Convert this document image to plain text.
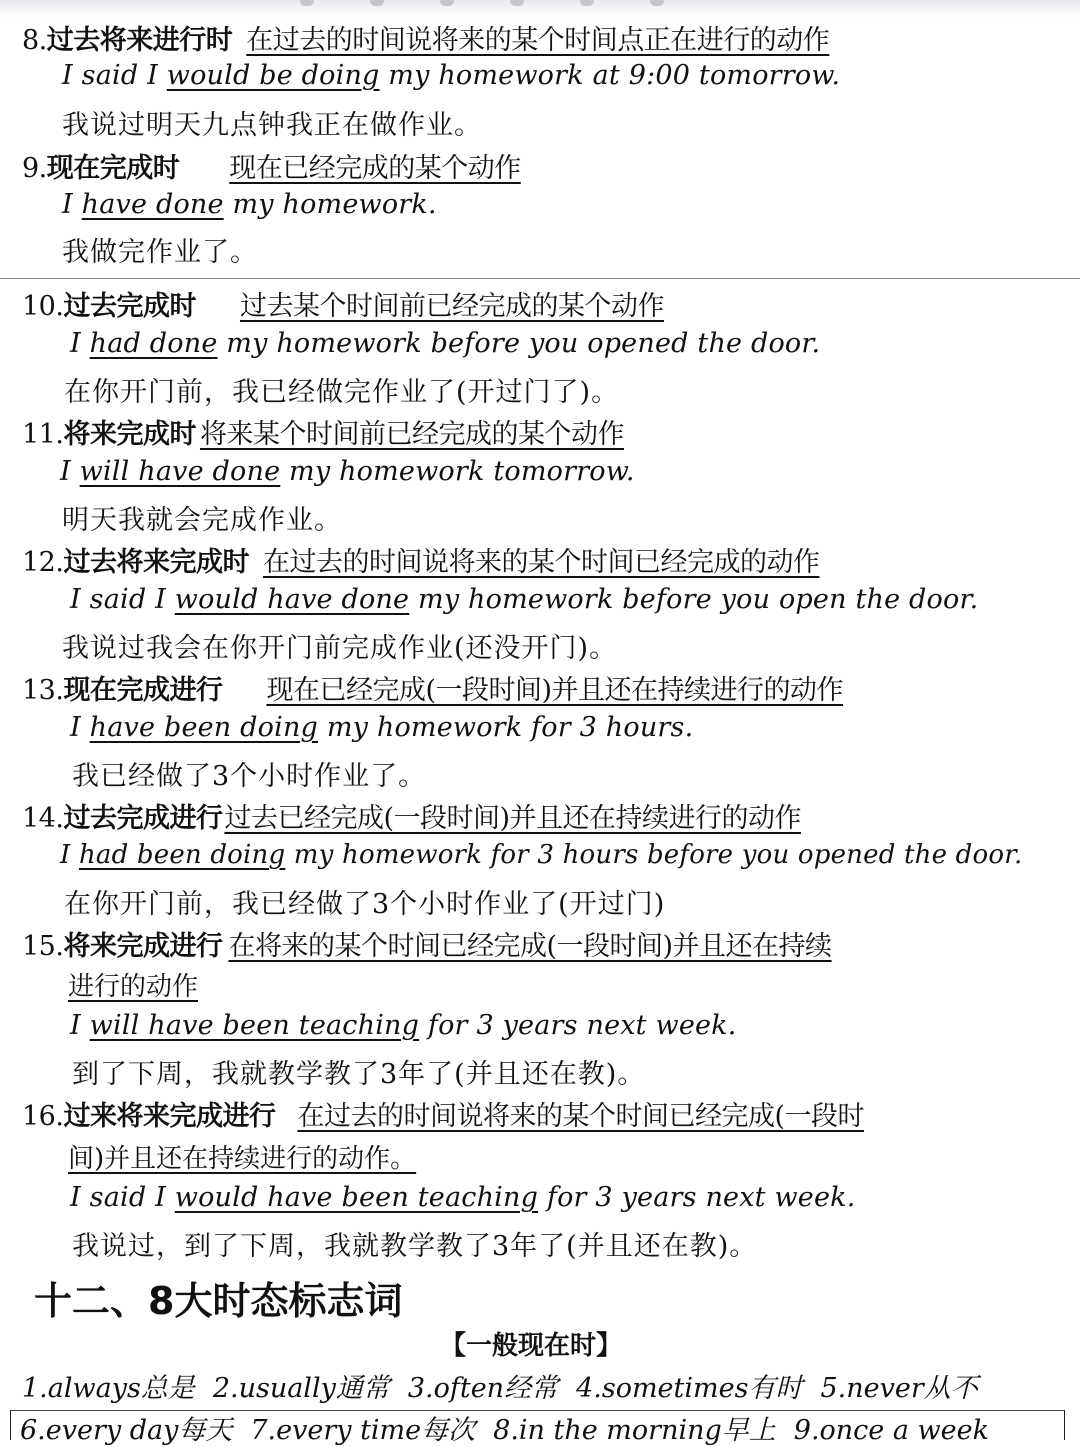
8.过去将来进行时 在过去的时间说将来的某个时间点正在进行的动作
I said I would be doing my homework at 9:00 tomorrow.
我说过明天九点钟我正在做作业。
9.现在完成时 现在已经完成的某个动作
I have done my homework.
我做完作业了。
10.过去完成时 过去某个时间前已经完成的某个动作
I had done my homework before you opened the door.
在你开门前，我已经做完作业了(开过门了)。
11.将来完成时 将来某个时间前已经完成的某个动作
I will have done my homework tomorrow.
明天我就会完成作业。
12.过去将来完成时 在过去的时间说将来的某个时间已经完成的动作
I said I would have done my homework before you open the door.
我说过我会在你开门前完成作业(还没开门)。
13.现在完成进行 现在已经完成(一段时间)并且还在持续进行的动作
I have been doing my homework for 3 hours.
我已经做了3个小时作业了。
14.过去完成进行过去已经完成(一段时间)并且还在持续进行的动作
I had been doing my homework for 3 hours before you opened the door.
在你开门前，我已经做了3个小时作业了(开过门)
15.将来完成进行 在将来的某个时间已经完成(一段时间)并且还在持续
进行的动作
I will have been teaching for 3 years next week.
到了下周，我就教学教了3年了(并且还在教)。
16.过来将来完成进行 在过去的时间说将来的某个时间已经完成(一段时
间)并且还在持续进行的动作。
I said I would have been teaching for 3 years next week.
我说过，到了下周，我就教学教了3年了(并且还在教)。
十二、8大时态标志词
【一般现在时】
1.always总是 2.usually通常 3.often经常 4.sometimes有时 5.never从不
6.every day每天 7.every time每次 8.in the morning早上 9.once a week
